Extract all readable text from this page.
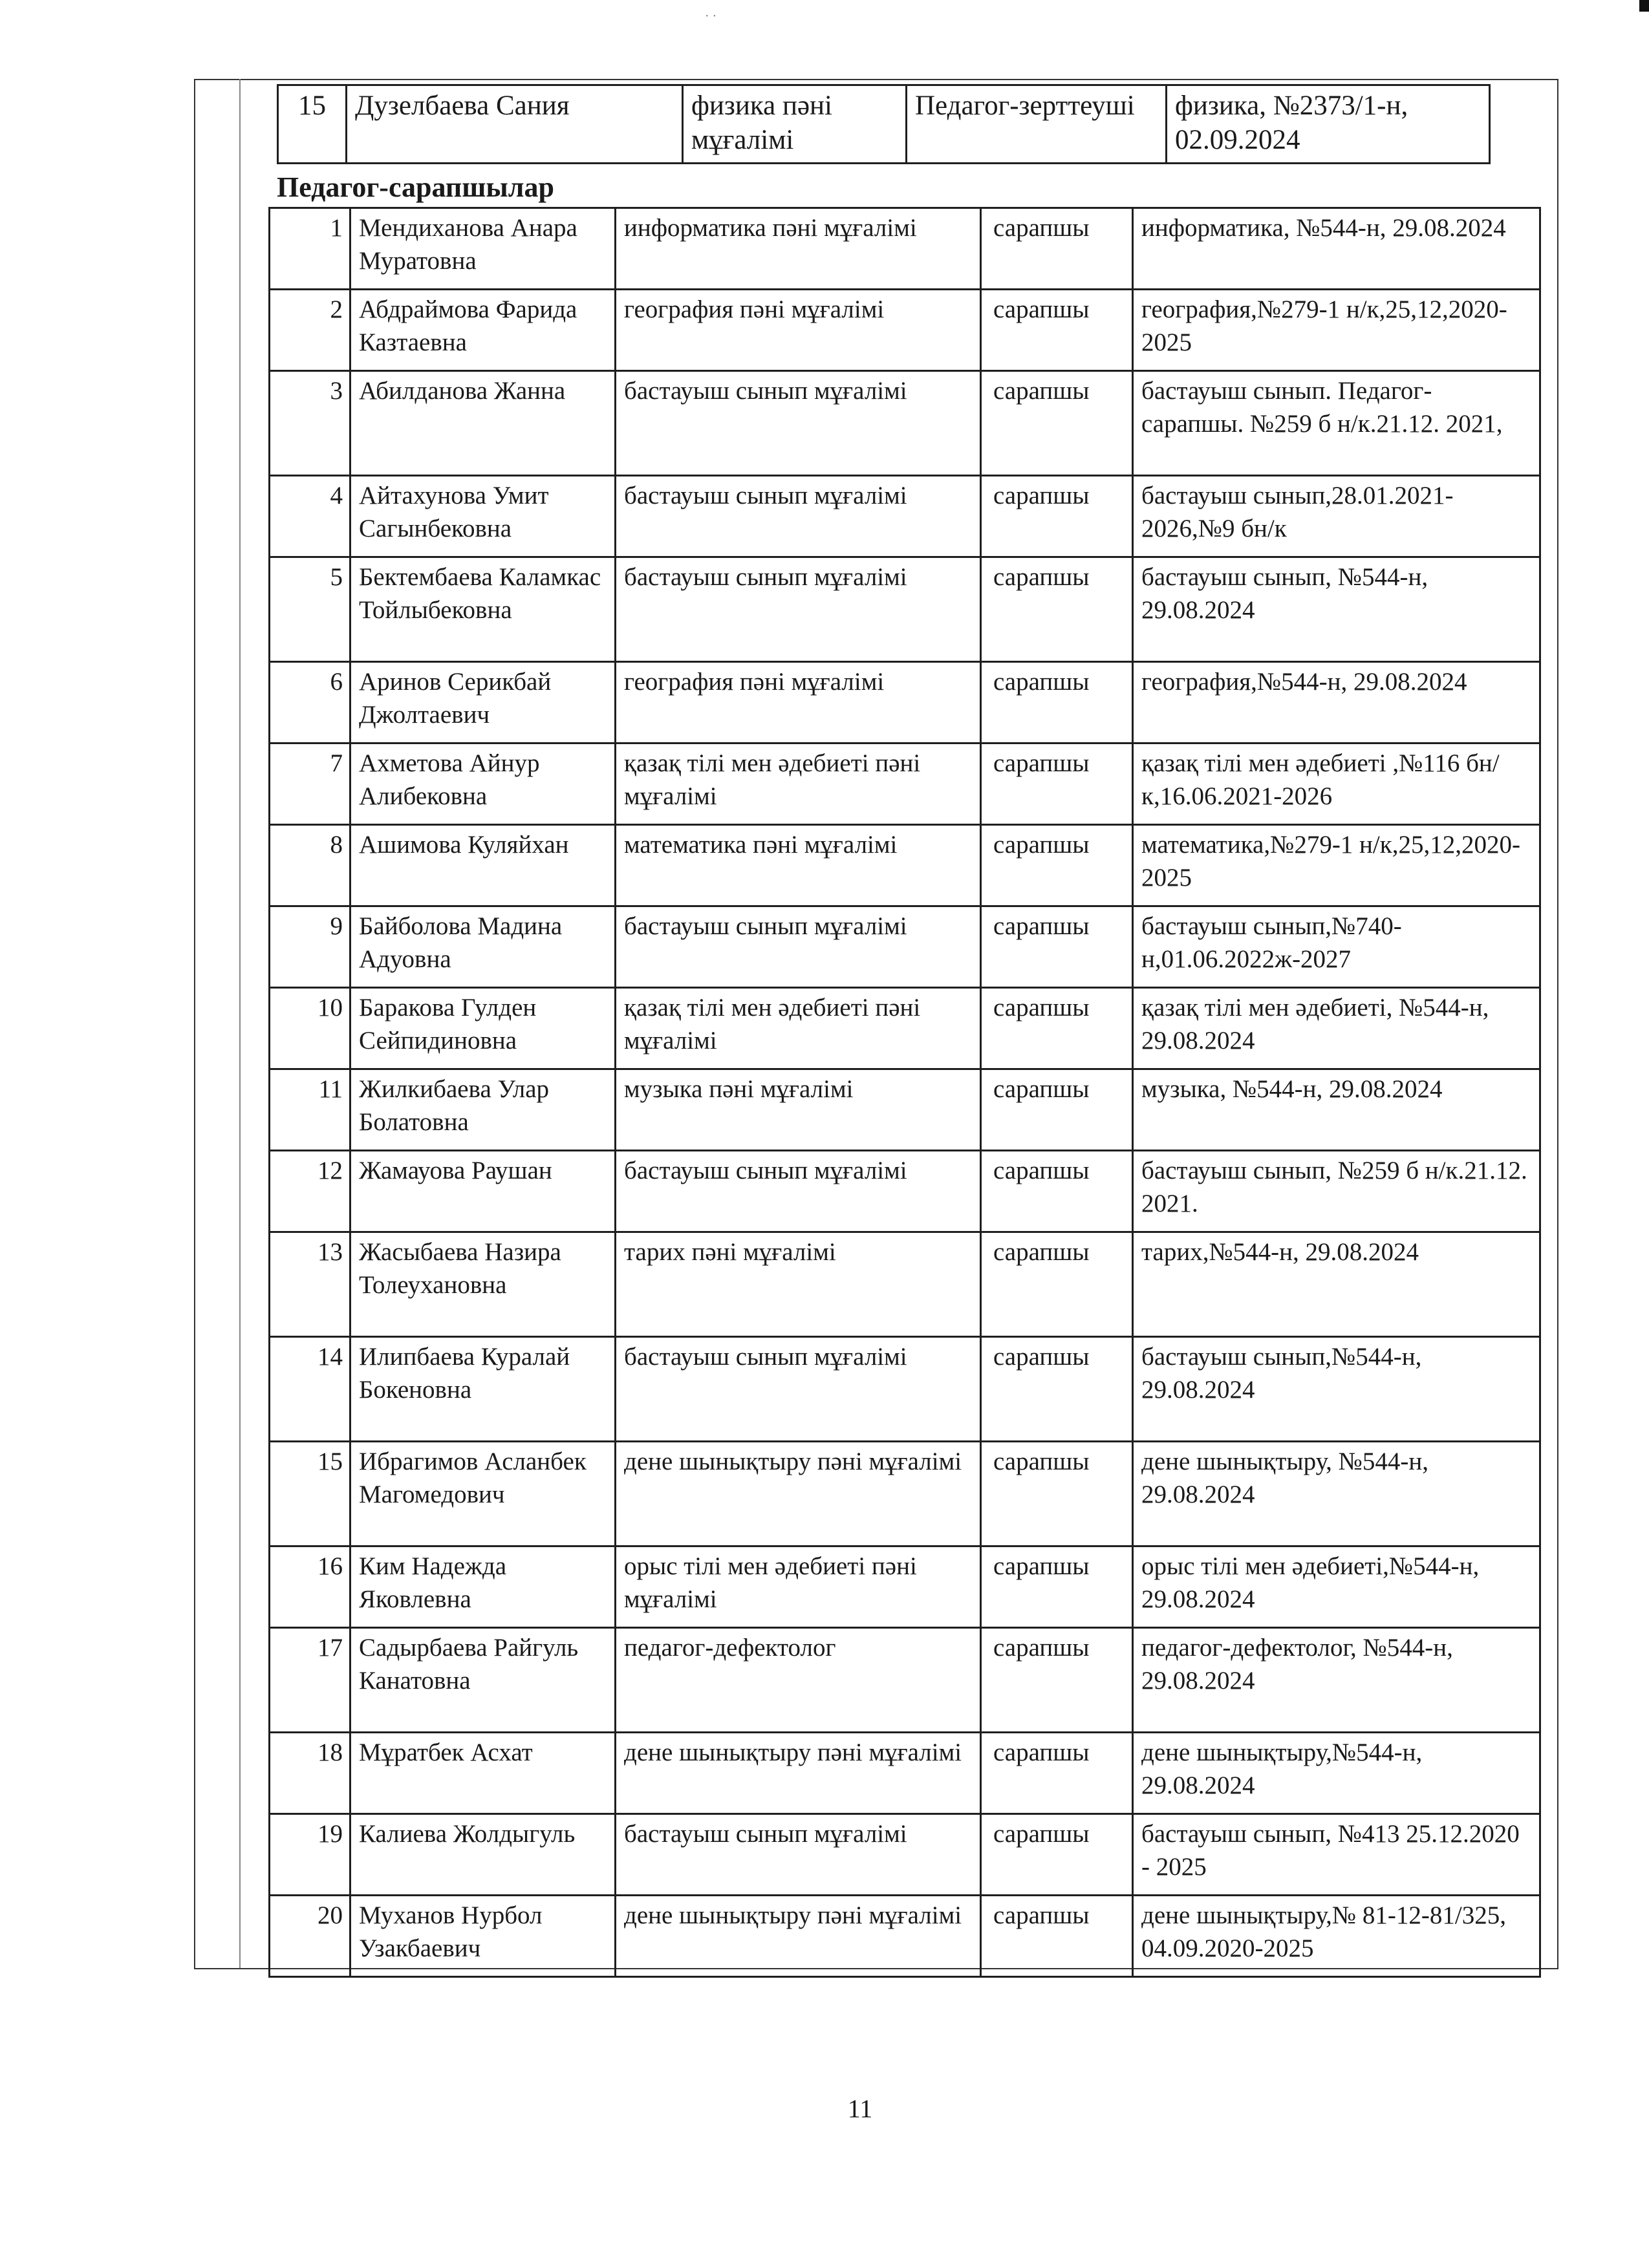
· ·
15	Дузелбаева Сания	физика пәні мұғалімі	Педагог-зерттеуші	физика, №2373/1-н, 02.09.2024
Педагог-сарапшылар
1	Мендиханова Анара Муратовна	информатика пәні мұғалімі	сарапшы	информатика, №544-н, 29.08.2024
2	Абдраймова Фарида Казтаевна	география пәні мұғалімі	сарапшы	география,№279-1 н/к,25,12,2020-2025
3	Абилданова Жанна	бастауыш сынып мұғалімі	сарапшы	бастауыш сынып. Педагог-сарапшы. №259 б н/к.21.12. 2021,
4	Айтахунова Умит Сагынбековна	бастауыш сынып мұғалімі	сарапшы	бастауыш сынып,28.01.2021-2026,№9 бн/к
5	Бектембаева Каламкас Тойлыбековна	бастауыш сынып мұғалімі	сарапшы	бастауыш сынып, №544-н, 29.08.2024
6	Аринов Серикбай Джолтаевич	география пәні мұғалімі	сарапшы	география,№544-н, 29.08.2024
7	Ахметова Айнур Алибековна	қазақ тілі мен әдебиеті пәні мұғалімі	сарапшы	қазақ тілі мен әдебиеті ,№116 бн/к,16.06.2021-2026
8	Ашимова Куляйхан	математика пәні мұғалімі	сарапшы	математика,№279-1 н/к,25,12,2020-2025
9	Байболова Мадина Адуовна	бастауыш сынып мұғалімі	сарапшы	бастауыш сынып,№740-н,01.06.2022ж-2027
10	Баракова Гулден Сейпидиновна	қазақ тілі мен әдебиеті пәні мұғалімі	сарапшы	қазақ тілі мен әдебиеті, №544-н, 29.08.2024
11	Жилкибаева Улар Болатовна	музыка пәні мұғалімі	сарапшы	музыка, №544-н, 29.08.2024
12	Жамауова Раушан	бастауыш сынып мұғалімі	сарапшы	бастауыш сынып, №259 б н/к.21.12. 2021.
13	Жасыбаева Назира Толеухановна	тарих пәні мұғалімі	сарапшы	тарих,№544-н, 29.08.2024
14	Илипбаева Куралай Бокеновна	бастауыш сынып мұғалімі	сарапшы	бастауыш сынып,№544-н, 29.08.2024
15	Ибрагимов Асланбек Магомедович	дене шынықтыру пәні мұғалімі	сарапшы	дене шынықтыру, №544-н, 29.08.2024
16	Ким Надежда Яковлевна	орыс тілі мен әдебиеті пәні мұғалімі	сарапшы	орыс тілі мен әдебиеті,№544-н, 29.08.2024
17	Садырбаева Райгуль Канатовна	педагог-дефектолог	сарапшы	педагог-дефектолог, №544-н, 29.08.2024
18	Мұратбек Асхат	дене шынықтыру пәні мұғалімі	сарапшы	дене шынықтыру,№544-н, 29.08.2024
19	Калиева Жолдыгуль	бастауыш сынып мұғалімі	сарапшы	бастауыш сынып, №413 25.12.2020 - 2025
20	Муханов Нурбол Узакбаевич	дене шынықтыру пәні мұғалімі	сарапшы	дене шынықтыру,№ 81-12-81/325, 04.09.2020-2025
11
